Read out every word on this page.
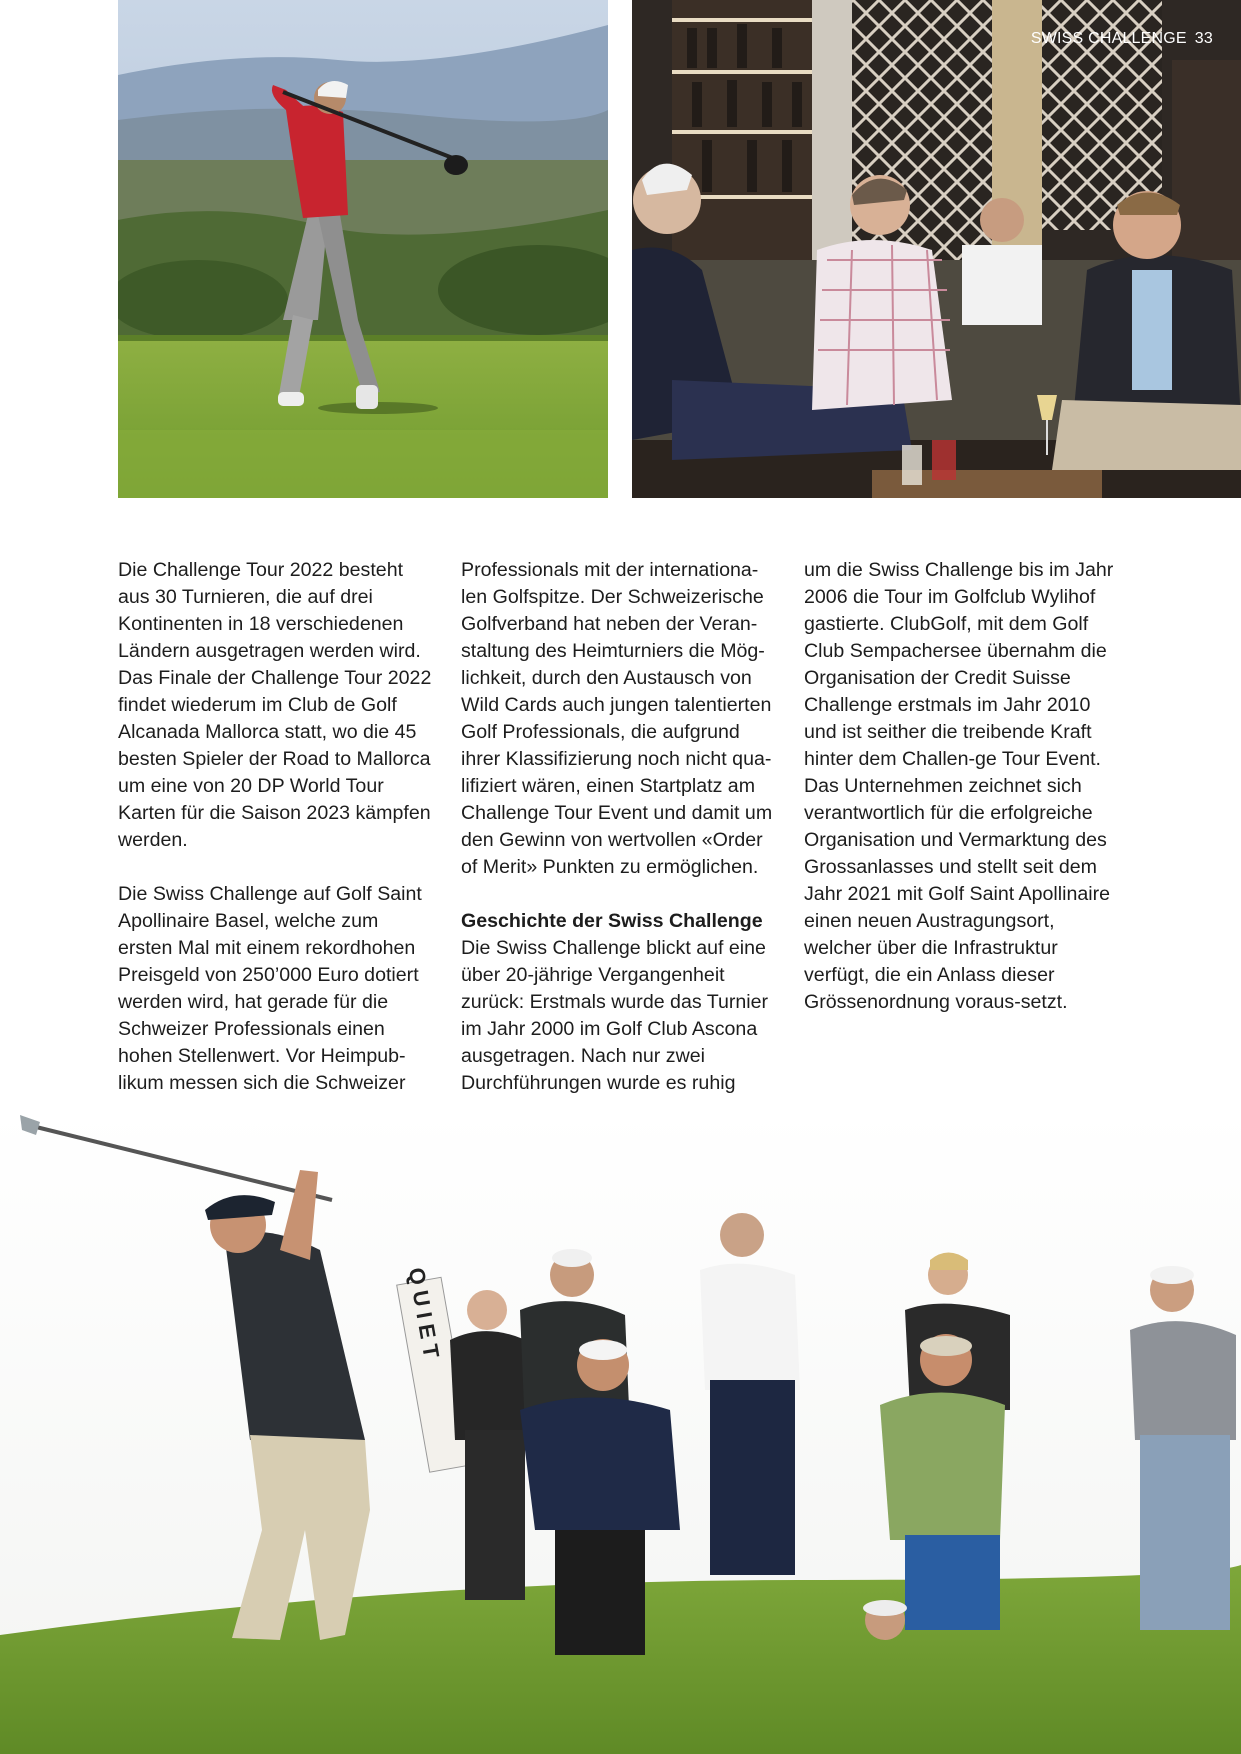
SWISS CHALLENGE 33

Die Challenge Tour 2022 besteht aus 30 Turnieren, die auf drei Kontinenten in 18 verschiedenen Ländern ausgetragen werden wird. Das Finale der Challenge Tour 2022 findet wiederum im Club de Golf Alcanada Mallorca statt, wo die 45 besten Spieler der Road to Mallorca um eine von 20 DP World Tour Karten für die Saison 2023 kämpfen werden.

Die Swiss Challenge auf Golf Saint Apollinaire Basel, welche zum ersten Mal mit einem rekordhohen Preisgeld von 250’000 Euro dotiert werden wird, hat gerade für die Schweizer Professionals einen hohen Stellenwert. Vor Heimpub-likum messen sich die Schweizer

Professionals mit der internationa-len Golfspitze. Der Schweizerische Golfverband hat neben der Veran-staltung des Heimturniers die Mög-lichkeit, durch den Austausch von Wild Cards auch jungen talentierten Golf Professionals, die aufgrund ihrer Klassifizierung noch nicht qua-lifiziert wären, einen Startplatz am Challenge Tour Event und damit um den Gewinn von wertvollen «Order of Merit» Punkten zu ermöglichen.

Geschichte der Swiss Challenge

Die Swiss Challenge blickt auf eine über 20-jährige Vergangenheit zurück: Erstmals wurde das Turnier im Jahr 2000 im Golf Club Ascona ausgetragen. Nach nur zwei Durchführungen wurde es ruhig

um die Swiss Challenge bis im Jahr 2006 die Tour im Golfclub Wylihof gastierte. ClubGolf, mit dem Golf Club Sempachersee übernahm die Organisation der Credit Suisse Challenge erstmals im Jahr 2010 und ist seither die treibende Kraft hinter dem Challen-ge Tour Event. Das Unternehmen zeichnet sich verantwortlich für die erfolgreiche Organisation und Vermarktung des Grossanlasses und stellt seit dem Jahr 2021 mit Golf Saint Apollinaire einen neuen Austragungsort, welcher über die Infrastruktur verfügt, die ein Anlass dieser Grössenordnung voraus-setzt.

QUIET
